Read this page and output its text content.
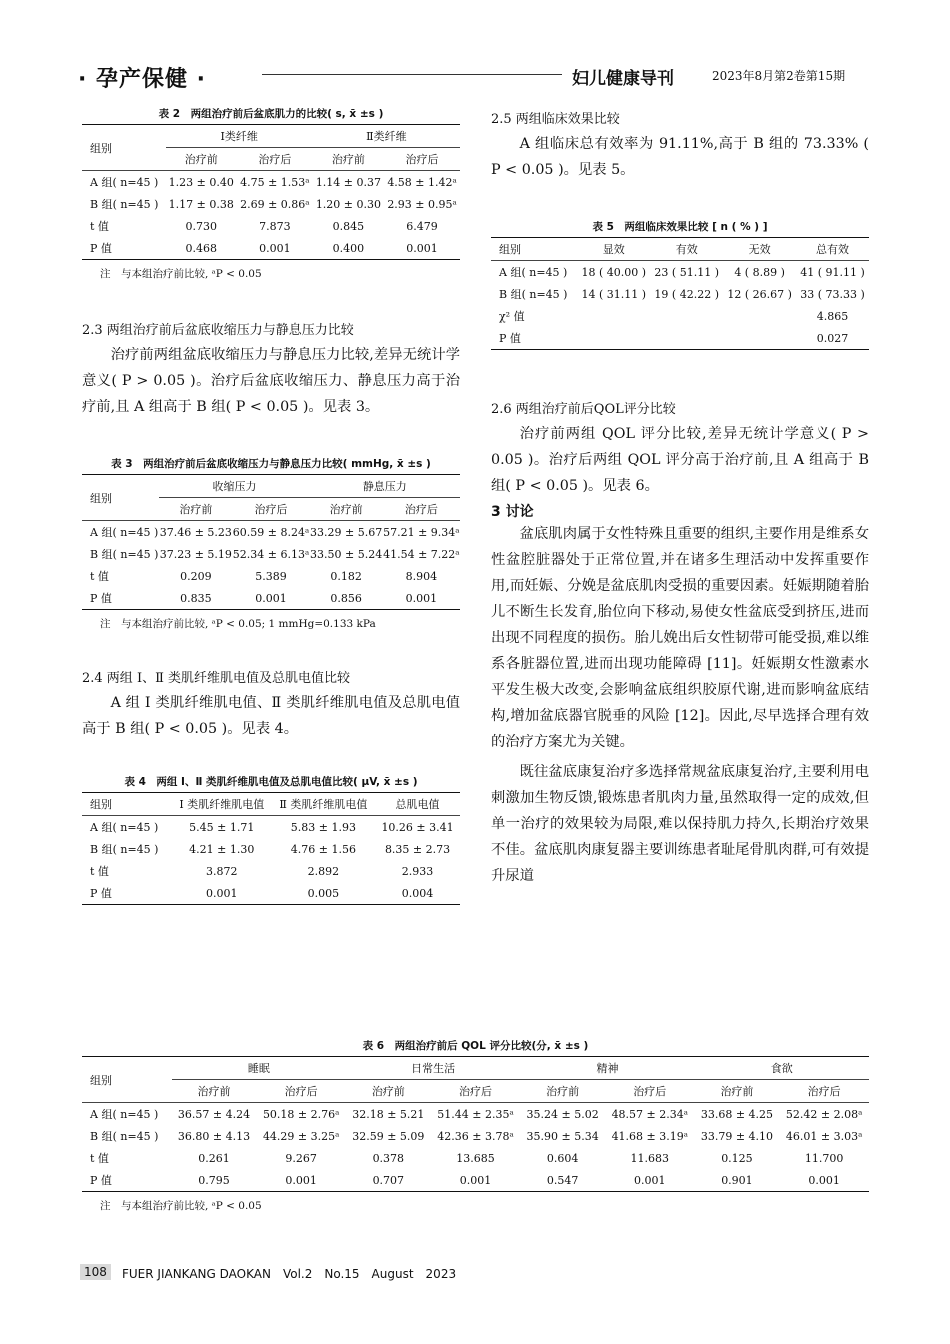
· 孕产保健 ·	妇儿健康导刊	2023年8月第2卷第15期

表 2　两组治疗前后盆底肌力的比较( s, x̄ ±s )

组别	Ⅰ类纤维		Ⅱ类纤维	
	治疗前	治疗后	治疗前	治疗后
A 组( n=45 )	1.23 ± 0.40	4.75 ± 1.53ᵃ	1.14 ± 0.37	4.58 ± 1.42ᵃ
B 组( n=45 )	1.17 ± 0.38	2.69 ± 0.86ᵃ	1.20 ± 0.30	2.93 ± 0.95ᵃ
t 值	0.730	7.873	0.845	6.479
P 值	0.468	0.001	0.400	0.001

注　与本组治疗前比较, ᵃP < 0.05

2.3 两组治疗前后盆底收缩压力与静息压力比较

治疗前两组盆底收缩压力与静息压力比较,差异无统计学意义( P > 0.05 )。治疗后盆底收缩压力、静息压力高于治疗前,且 A 组高于 B 组( P < 0.05 )。见表 3。

表 3　两组治疗前后盆底收缩压力与静息压力比较( mmHg, x̄ ±s )

组别	收缩压力		静息压力	
	治疗前	治疗后	治疗前	治疗后
A 组( n=45 )	37.46 ± 5.23	60.59 ± 8.24ᵃ	33.29 ± 5.67	57.21 ± 9.34ᵃ
B 组( n=45 )	37.23 ± 5.19	52.34 ± 6.13ᵃ	33.50 ± 5.24	41.54 ± 7.22ᵃ
t 值	0.209	5.389	0.182	8.904
P 值	0.835	0.001	0.856	0.001

注　与本组治疗前比较, ᵃP < 0.05; 1 mmHg=0.133 kPa

2.4 两组 Ⅰ、Ⅱ 类肌纤维肌电值及总肌电值比较

A 组 Ⅰ 类肌纤维肌电值、Ⅱ 类肌纤维肌电值及总肌电值高于 B 组( P < 0.05 )。见表 4。

表 4　两组 Ⅰ、Ⅱ 类肌纤维肌电值及总肌电值比较( μV, x̄ ±s )

组别	Ⅰ 类肌纤维肌电值	Ⅱ 类肌纤维肌电值	总肌电值
A 组( n=45 )	5.45 ± 1.71	5.83 ± 1.93	10.26 ± 3.41
B 组( n=45 )	4.21 ± 1.30	4.76 ± 1.56	8.35 ± 2.73
t 值	3.872	2.892	2.933
P 值	0.001	0.005	0.004

2.5 两组临床效果比较

A 组临床总有效率为 91.11%,高于 B 组的 73.33% ( P < 0.05 )。见表 5。

表 5　两组临床效果比较 [ n ( % ) ]

组别	显效	有效	无效	总有效
A 组( n=45 )	18 ( 40.00 )	23 ( 51.11 )	4 ( 8.89 )	41 ( 91.11 )
B 组( n=45 )	14 ( 31.11 )	19 ( 42.22 )	12 ( 26.67 )	33 ( 73.33 )
χ² 值				4.865
P 值				0.027

2.6 两组治疗前后QOL评分比较

治疗前两组 QOL 评分比较,差异无统计学意义( P > 0.05 )。治疗后两组 QOL 评分高于治疗前,且 A 组高于 B 组( P < 0.05 )。见表 6。

3 讨论

盆底肌肉属于女性特殊且重要的组织,主要作用是维系女性盆腔脏器处于正常位置,并在诸多生理活动中发挥重要作用,而妊娠、分娩是盆底肌肉受损的重要因素。妊娠期随着胎儿不断生长发育,胎位向下移动,易使女性盆底受到挤压,进而出现不同程度的损伤。胎儿娩出后女性韧带可能受损,难以维系各脏器位置,进而出现功能障碍 [11]。妊娠期女性激素水平发生极大改变,会影响盆底组织胶原代谢,进而影响盆底结构,增加盆底器官脱垂的风险 [12]。因此,尽早选择合理有效的治疗方案尤为关键。

既往盆底康复治疗多选择常规盆底康复治疗,主要利用电刺激加生物反馈,锻炼患者肌肉力量,虽然取得一定的成效,但单一治疗的效果较为局限,难以保持肌力持久,长期治疗效果不佳。盆底肌肉康复器主要训练患者耻尾骨肌肉群,可有效提升尿道

表 6　两组治疗前后 QOL 评分比较(分, x̄ ±s )

组别	睡眠		日常生活		精神		食欲	
	治疗前	治疗后	治疗前	治疗后	治疗前	治疗后	治疗前	治疗后
A 组( n=45 )	36.57 ± 4.24	50.18 ± 2.76ᵃ	32.18 ± 5.21	51.44 ± 2.35ᵃ	35.24 ± 5.02	48.57 ± 2.34ᵃ	33.68 ± 4.25	52.42 ± 2.08ᵃ
B 组( n=45 )	36.80 ± 4.13	44.29 ± 3.25ᵃ	32.59 ± 5.09	42.36 ± 3.78ᵃ	35.90 ± 5.34	41.68 ± 3.19ᵃ	33.79 ± 4.10	46.01 ± 3.03ᵃ
t 值	0.261	9.267	0.378	13.685	0.604	11.683	0.125	11.700
P 值	0.795	0.001	0.707	0.001	0.547	0.001	0.901	0.001

注　与本组治疗前比较, ᵃP < 0.05

108	FUER JIANKANG DAOKAN　Vol.2　No.15　August　2023
